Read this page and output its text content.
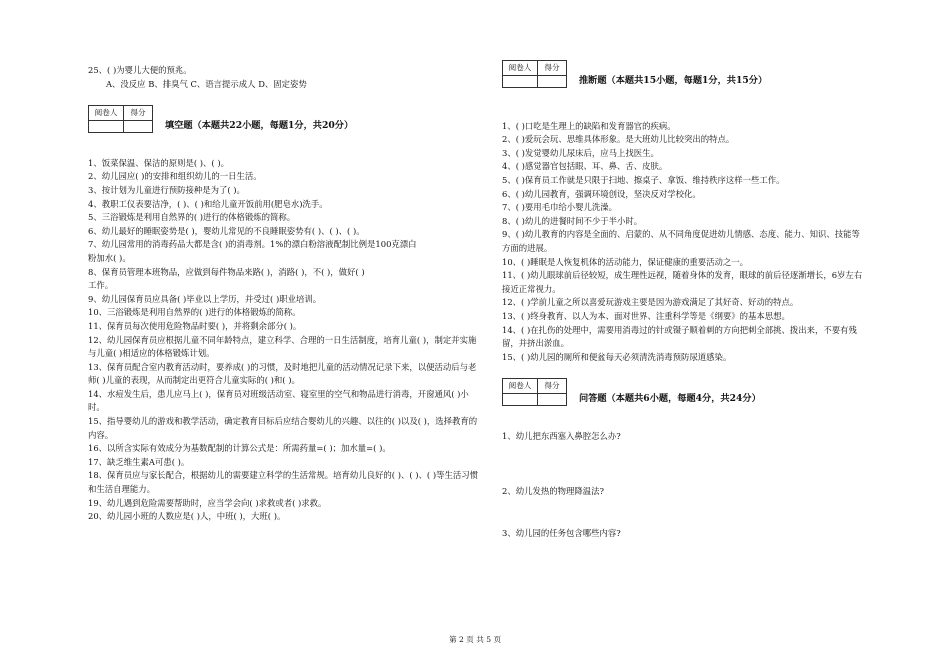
25、( )为婴儿大便的预兆。
A、没反应 B、排臭气 C、语言提示成人 D、固定姿势
阅卷人	得分

填空题（本题共22小题，每题1分，共20分）
1、饭菜保温、保洁的原则是( )、( )。
2、幼儿园应( )的安排和组织幼儿的一日生活。
3、按计划为儿童进行预防接种是为了( )。
4、教职工仪表要洁净，( )、( )和给儿童开饭前用(肥皂水)洗手。
5、三浴锻炼是利用自然界的( )进行的体格锻炼的简称。
6、幼儿最好的睡眠姿势是( )，婴幼儿常见的不良睡眠姿势有( )、( )、( )。
7、幼儿园常用的消毒药品大都是含( )的消毒剂。1%的漂白粉溶液配制比例是100克漂白
粉加水( )。
8、保育员管理本班物品，应做到每件物品来路( )，消路( )，不( )，做好( )
工作。
9、幼儿园保育员应具备( )毕业以上学历，并受过( )职业培训。
10、三浴锻炼是利用自然界的( )进行的体格锻炼的简称。
11、保育员每次使用危险物品时要( )，并将剩余部分( )。
12、幼儿园保育员应根据儿童不同年龄特点，建立科学、合理的一日生活制度，培育儿童( )，制定并实施与儿童( )相适应的体格锻炼计划。
13、保育员配合室内教育活动时，要养成( )的习惯，及时地把儿童的活动情况记录下来，以便活动后与老师( )儿童的表现，从而制定出更符合儿童实际的( )和( )。
14、水痘发生后，患儿应马上( )，保育员对班级活动室、寝室里的空气和物品进行消毒，开窗通风( )小时。
15、指导婴幼儿的游戏和教学活动，确定教育目标后应结合婴幼儿的兴趣、以往的( )以及( )，选择教育的内容。
16、以所含实际有效成分为基数配制的计算公式是：所需药量=( )；加水量=( )。
17、缺乏维生素A可患( )。
18、保育员应与家长配合，根据幼儿的需要建立科学的生活常规。培育幼儿良好的( )、( )、( )等生活习惯和生活自理能力。
19、幼儿遇到危险需要帮助时，应当学会向( )求救或者( )求救。
20、幼儿园小班的人数应是( )人，中班( )，大班( )。
阅卷人	得分

推断题（本题共15小题，每题1分，共15分）
1、( )口吃是生理上的缺陷和发育器官的疾病。
2、( )爱玩会玩、思维具体形象。是大班幼儿比较突出的特点。
3、( )发觉婴幼儿尿床后，应马上找医生。
4、( )感觉器官包括眼、耳、鼻、舌、皮肤。
5、( )保育员工作就是只限于扫地、擦桌子、拿饭、维持秩序这样一些工作。
6、( )幼儿园教育，强调环境创设，坚决反对学校化。
7、( )要用毛巾给小婴儿洗澡。
8、( )幼儿的进餐时间不少于半小时。
9、( )幼儿教育的内容是全面的、启蒙的、从不同角度促进幼儿情感、态度、能力、知识、技能等方面的进展。
10、( )睡眠是人恢复机体的活动能力，保证健康的重要活动之一。
11、( )幼儿眼球前后径较短，成生理性远视，随着身体的发育，眼球的前后径逐渐增长，6岁左右接近正常视力。
12、( )学前儿童之所以喜爱玩游戏主要是因为游戏满足了其好奇、好动的特点。
13、( )终身教育、以人为本、面对世界、注重科学等是《纲要》的基本思想。
14、( )在扎伤的处理中，需要用消毒过的针或镊子顺着刺的方向把刺全部挑、拨出来，不要有残留，并挤出淤血。
15、( )幼儿园的厕所和便盆每天必须清洗消毒预防尿道感染。
阅卷人	得分

问答题（本题共6小题，每题4分，共24分）
1、幼儿把东西塞入鼻腔怎么办?
2、幼儿发热的物理降温法?
3、幼儿园的任务包含哪些内容?
第 2 页 共 5 页
